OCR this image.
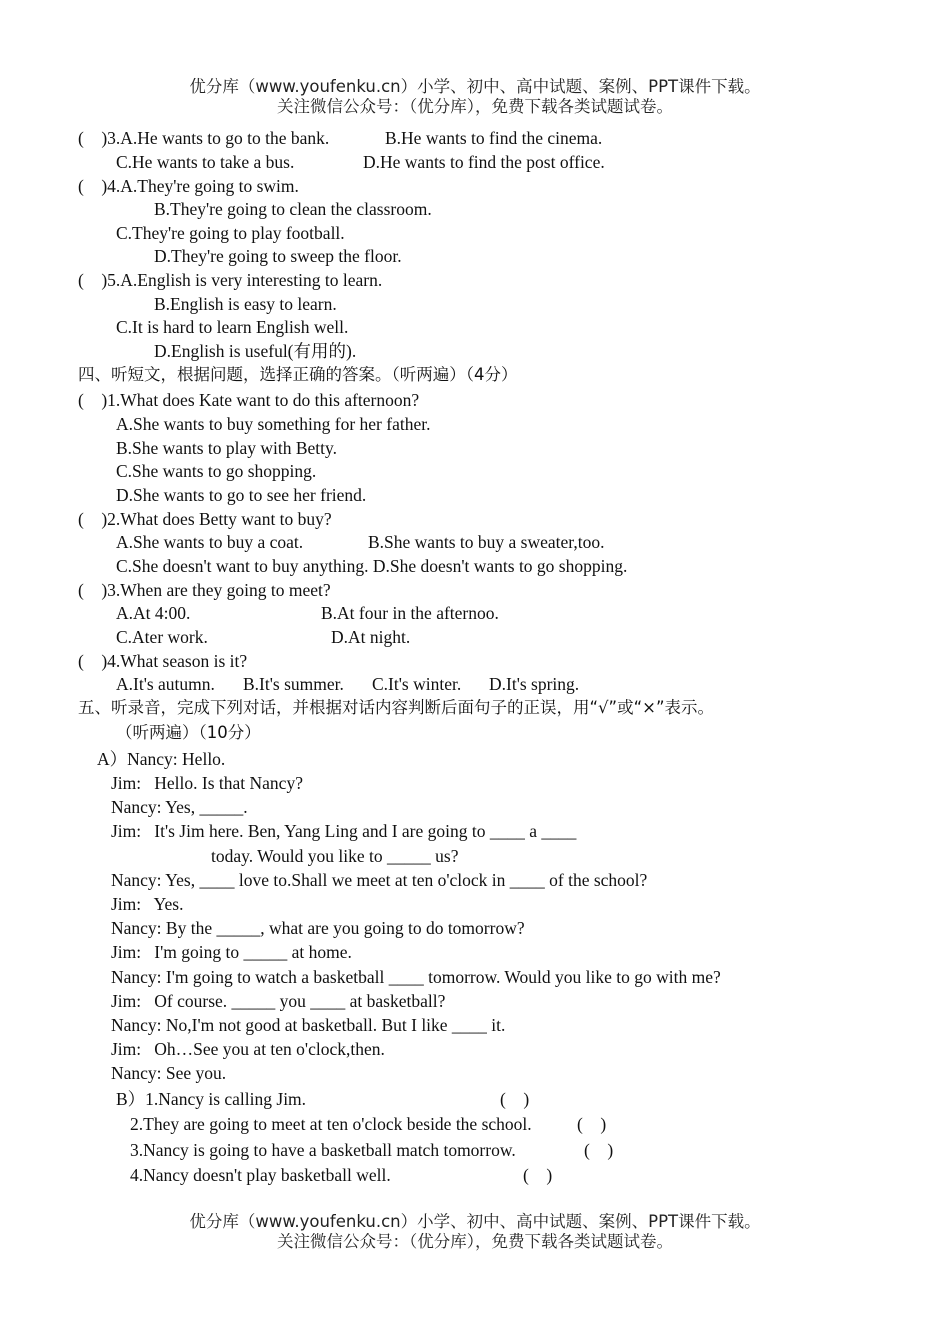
优分库（www.youfenku.cn）小学、初中、高中试题、案例、PPT课件下载。
关注微信公众号：（优分库），免费下载各类试题试卷。
(    )3.A.He wants to go to the bank.	B.He wants to find the cinema.
C.He wants to take a bus.	D.He wants to find the post office.
(    )4.A.They're going to swim.
B.They're going to clean the classroom.
C.They're going to play football.
D.They're going to sweep the floor.
(    )5.A.English is very interesting to learn.
B.English is easy to learn.
C.It is hard to learn English well.
D.English is useful(有用的).
四、听短文，根据问题，选择正确的答案。（听两遍）（4分）
(    )1.What does Kate want to do this afternoon?
A.She wants to buy something for her father.
B.She wants to play with Betty.
C.She wants to go shopping.
D.She wants to go to see her friend.
(    )2.What does Betty want to buy?
A.She wants to buy a coat.	B.She wants to buy a sweater,too.
C.She doesn't want to buy anything. D.She doesn't wants to go shopping.
(    )3.When are they going to meet?
A.At 4:00.	B.At four in the afternoo.
C.Ater work.	D.At night.
(    )4.What season is it?
A.It's autumn. B.It's summer. C.It's winter. D.It's spring.
五、听录音，完成下列对话，并根据对话内容判断后面句子的正误，用“√”或“×”表示。
（听两遍）（10分）
A）Nancy: Hello.
Jim:   Hello. Is that Nancy?
Nancy: Yes, _____.
Jim:   It's Jim here. Ben, Yang Ling and I are going to ____ a ____
today. Would you like to _____ us?
Nancy: Yes, ____ love to.Shall we meet at ten o'clock in ____ of the school?
Jim:   Yes.
Nancy: By the _____, what are you going to do tomorrow?
Jim:   I'm going to _____ at home.
Nancy: I'm going to watch a basketball ____ tomorrow. Would you like to go with me?
Jim:   Of course. _____ you ____ at basketball?
Nancy: No,I'm not good at basketball. But I like ____ it.
Jim:   Oh…See you at ten o'clock,then.
Nancy: See you.
B）1.Nancy is calling Jim.	(    )
2.They are going to meet at ten o'clock beside the school.	(    )
3.Nancy is going to have a basketball match tomorrow.	(    )
4.Nancy doesn't play basketball well.	(    )
优分库（www.youfenku.cn）小学、初中、高中试题、案例、PPT课件下载。
关注微信公众号：（优分库），免费下载各类试题试卷。
